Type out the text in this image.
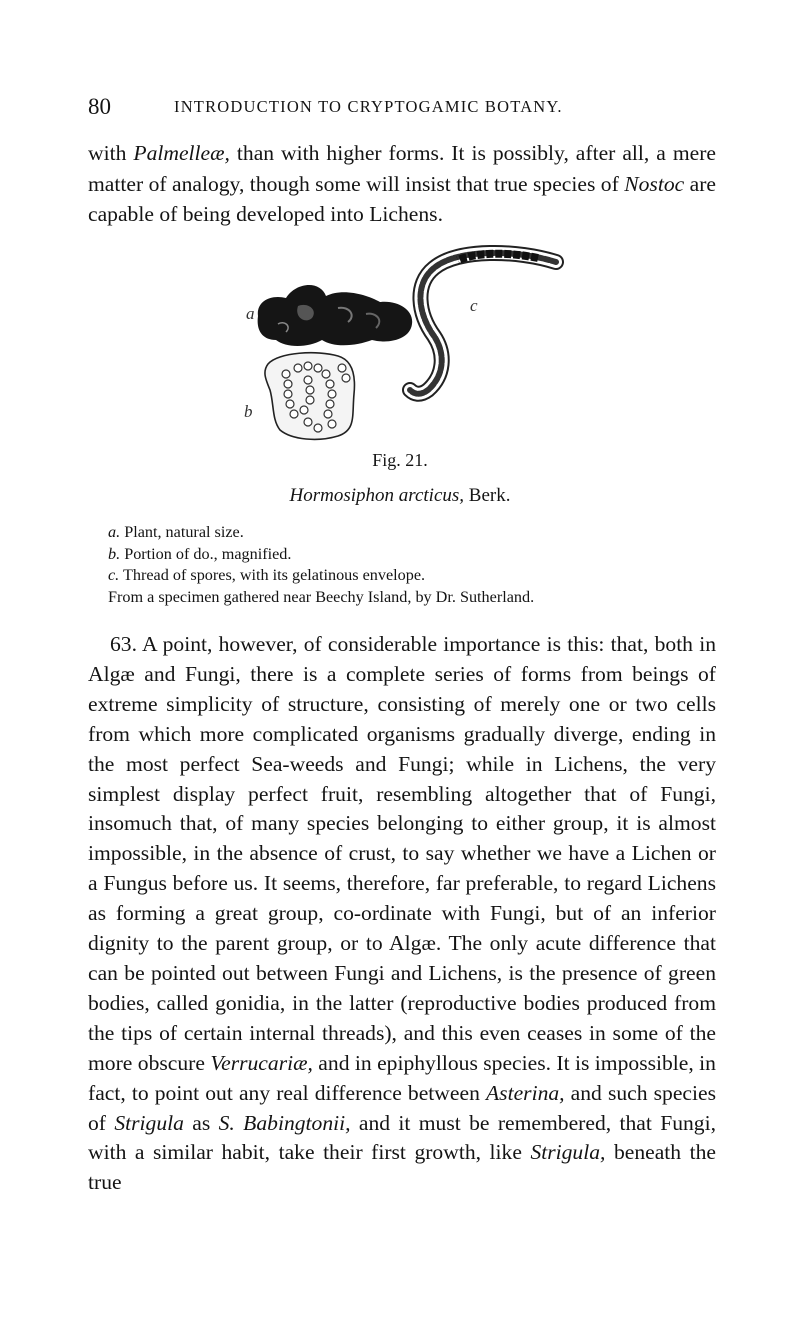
80	INTRODUCTION TO CRYPTOGAMIC BOTANY.

with Palmelleæ, than with higher forms. It is possibly, after all, a mere matter of analogy, though some will insist that true species of Nostoc are capable of being developed into Lichens.

a
b
c
Fig. 21.
Hormosiphon arcticus, Berk.
a. Plant, natural size.
b. Portion of do., magnified.
c. Thread of spores, with its gelatinous envelope.
From a specimen gathered near Beechy Island, by Dr. Sutherland.

63. A point, however, of considerable importance is this: that, both in Algæ and Fungi, there is a complete series of forms from beings of extreme simplicity of structure, consisting of merely one or two cells from which more complicated organisms gradually diverge, ending in the most perfect Sea-weeds and Fungi; while in Lichens, the very simplest display perfect fruit, resembling altogether that of Fungi, insomuch that, of many species belonging to either group, it is almost impossible, in the absence of crust, to say whether we have a Lichen or a Fungus before us. It seems, therefore, far preferable, to regard Lichens as forming a great group, co-ordinate with Fungi, but of an inferior dignity to the parent group, or to Algæ. The only acute difference that can be pointed out between Fungi and Lichens, is the presence of green bodies, called gonidia, in the latter (reproductive bodies produced from the tips of certain internal threads), and this even ceases in some of the more obscure Verrucariæ, and in epiphyllous species. It is impossible, in fact, to point out any real difference between Asterina, and such species of Strigula as S. Babingtonii, and it must be remembered, that Fungi, with a similar habit, take their first growth, like Strigula, beneath the true
